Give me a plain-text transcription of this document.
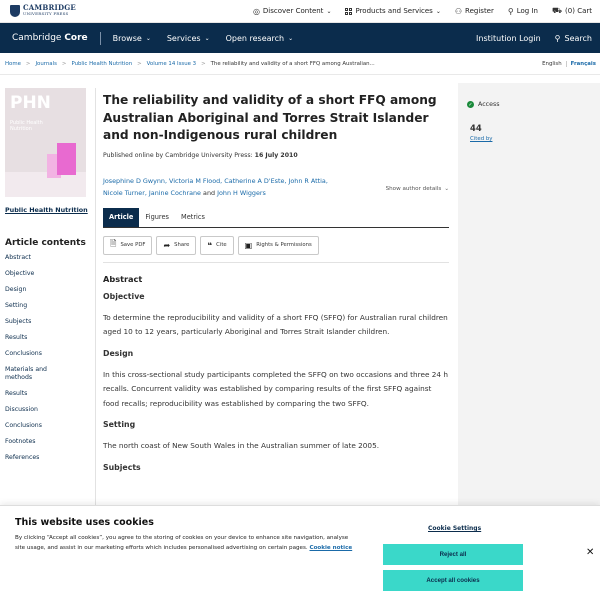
CAMBRIDGE
UNIVERSITY PRESS	◎ Discover Content ⌄	Products and Services ⌄ ⚇ Register ⚲ Log In ⛟ (0) Cart
Cambridge Core	Browse ⌄ Services ⌄ Open research ⌄	Institution Login ⚲ Search
Home > Journals > Public Health Nutrition > Volume 14 Issue 3 > The reliability and validity of a short FFQ among Australian...	English	Français
PHN
Public Health
Nutrition
Public Health Nutrition
Article contents
Abstract
Objective
Design
Setting
Subjects
Results
Conclusions
Materials and methods
Results
Discussion
Conclusions
Footnotes
References
The reliability and validity of a short FFQ among Australian Aboriginal and Torres Strait Islander and non-Indigenous rural children
Published online by Cambridge University Press: 16 July 2010
Josephine D Gwynn, Victoria M Flood, Catherine A D'Este, John R Attia,
Nicole Turner, Janine Cochrane and John H Wiggers	Show author details ⌄
Article	Figures	Metrics
🗎 Save PDF ➦ Share ❝ Cite ▣ Rights & Permissions
Abstract
Objective

To determine the reproducibility and validity of a short FFQ (SFFQ) for Australian rural children aged 10 to 12 years, particularly Aboriginal and Torres Strait Islander children.

Design

In this cross-sectional study participants completed the SFFQ on two occasions and three 24 h recalls. Concurrent validity was established by comparing results of the first SFFQ against food recalls; reproducibility was established by comparing the two SFFQ.

Setting

The north coast of New South Wales in the Australian summer of late 2005.

Subjects
✓ Access
44
Cited by
This website uses cookies
By clicking “Accept all cookies”, you agree to the storing of cookies on your device to enhance site navigation, analyse site usage, and assist in our marketing efforts which includes personalised advertising on certain pages. Cookie notice
Cookie Settings
Reject all
Accept all cookies
✕
